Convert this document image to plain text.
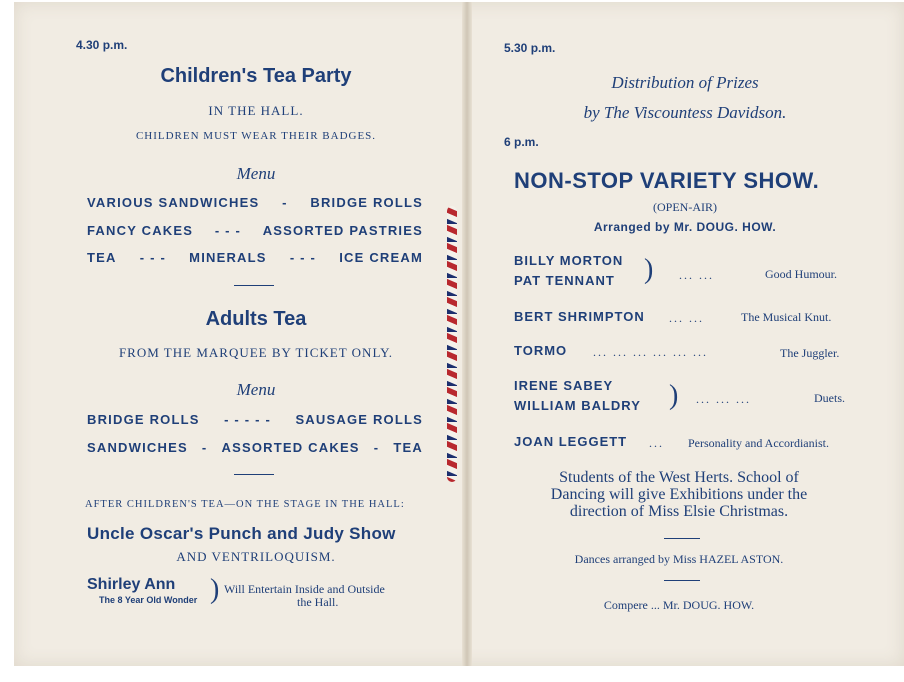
4.30 p.m.
Children's Tea Party
IN THE HALL.
CHILDREN MUST WEAR THEIR BADGES.
Menu
VARIOUS SANDWICHES - BRIDGE ROLLS
FANCY CAKES - - - ASSORTED PASTRIES
TEA - - - MINERALS - - - ICE CREAM
Adults Tea
FROM THE MARQUEE BY TICKET ONLY.
Menu
BRIDGE ROLLS - - - - - SAUSAGE ROLLS
SANDWICHES - ASSORTED CAKES - TEA
AFTER CHILDREN'S TEA—ON THE STAGE IN THE HALL:
Uncle Oscar's Punch and Judy Show
AND VENTRILOQUISM.
Shirley Ann
The 8 Year Old Wonder ) Will Entertain Inside and Outside
the Hall.
5.30 p.m.
Distribution of Prizes
by The Viscountess Davidson.
6 p.m.
NON-STOP VARIETY SHOW.
(OPEN-AIR)
Arranged by Mr. DOUG. HOW.
BILLY MORTON
PAT TENNANT ) ... ...	Good Humour.
BERT SHRIMPTON ... ...	The Musical Knut.
TORMO ... ... ... ... ... ...	The Juggler.
IRENE SABEY
WILLIAM BALDRY ) ... ... ...	Duets.
JOAN LEGGETT ... Personality and Accordianist.
Students of the West Herts. School of
Dancing will give Exhibitions under the
direction of Miss Elsie Christmas.
Dances arranged by Miss HAZEL ASTON.
Compere ... Mr. DOUG. HOW.
